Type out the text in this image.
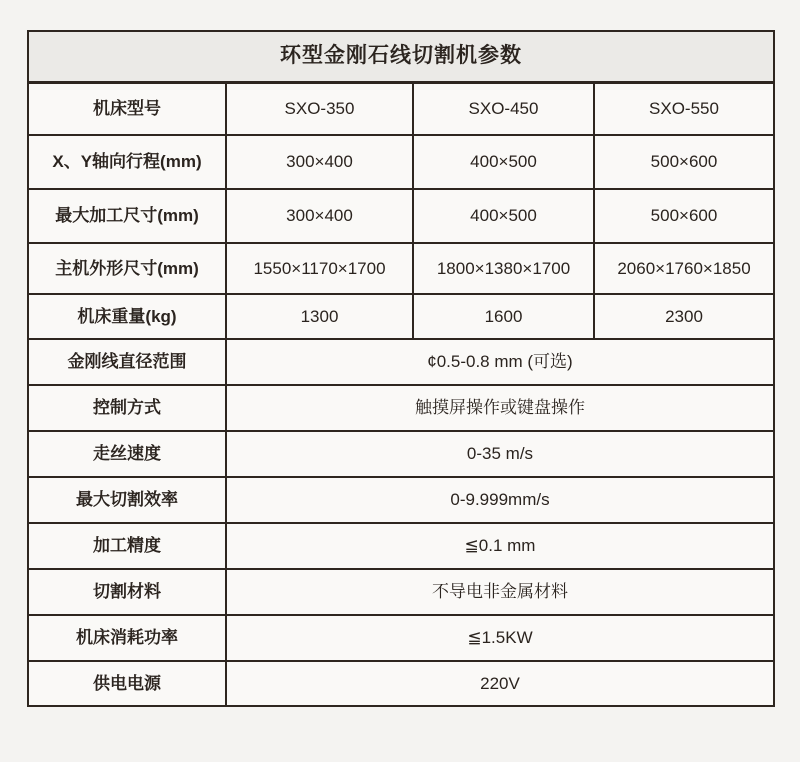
环型金刚石线切割机参数			
机床型号	SXO-350	SXO-450	SXO-550
X、Y轴向行程(mm)	300×400	400×500	500×600
最大加工尺寸(mm)	300×400	400×500	500×600
主机外形尺寸(mm)	1550×1170×1700	1800×1380×1700	2060×1760×1850
机床重量(kg)	1300	1600	2300
金刚线直径范围	¢0.5-0.8 mm (可选)		
控制方式	触摸屏操作或键盘操作		
走丝速度	0-35 m/s		
最大切割效率	0-9.999mm/s		
加工精度	≦0.1 mm		
切割材料	不导电非金属材料		
机床消耗功率	≦1.5KW		
供电电源	220V		
